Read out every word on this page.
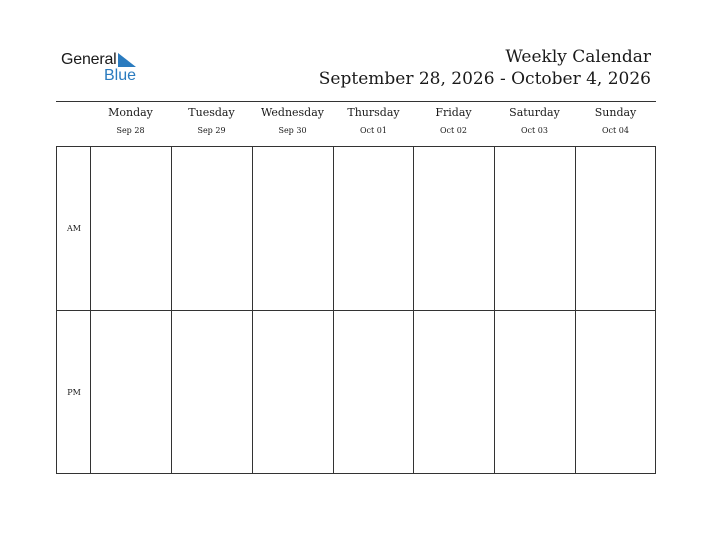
General
Blue
Weekly Calendar
September 28, 2026 - October 4, 2026
Monday
Sep 28
Tuesday
Sep 29
Wednesday
Sep 30
Thursday
Oct 01
Friday
Oct 02
Saturday
Oct 03
Sunday
Oct 04
AM
PM
